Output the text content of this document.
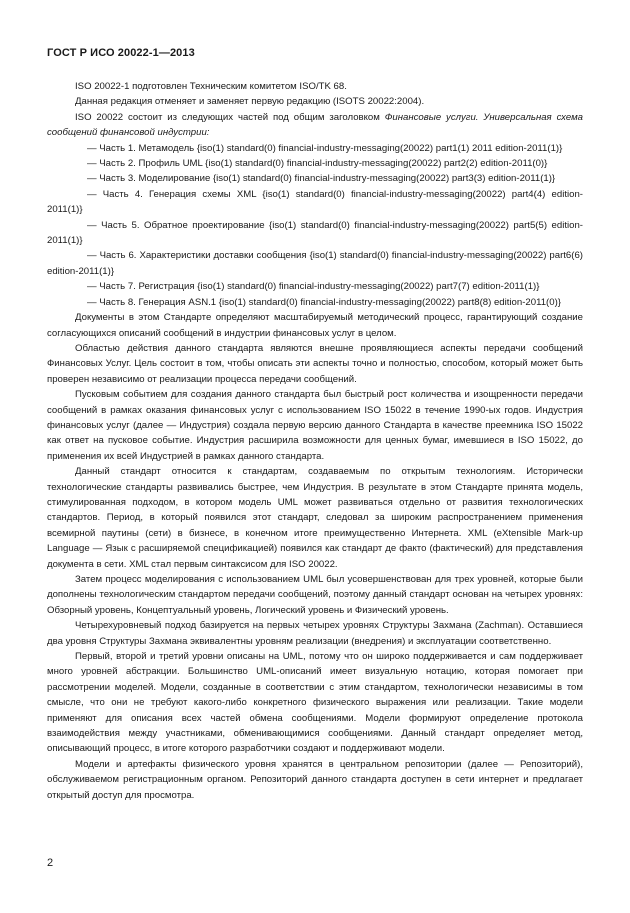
ГОСТ Р ИСО 20022-1—2013

ISO 20022-1 подготовлен Техническим комитетом ISO/TK 68.

Данная редакция отменяет и заменяет первую редакцию (ISOTS 20022:2004).

ISO 20022 состоит из следующих частей под общим заголовком Финансовые услуги. Универсальная схема сообщений финансовой индустрии:

— Часть 1. Метамодель {iso(1) standard(0) financial-industry-messaging(20022) part1(1) 2011 edition-2011(1)}

— Часть 2. Профиль UML {iso(1) standard(0) financial-industry-messaging(20022) part2(2) edition-2011(0)}

— Часть 3. Моделирование {iso(1) standard(0) financial-industry-messaging(20022) part3(3) edition-2011(1)}

— Часть 4. Генерация схемы XML {iso(1) standard(0) financial-industry-messaging(20022) part4(4) edition-2011(1)}

— Часть 5. Обратное проектирование {iso(1) standard(0) financial-industry-messaging(20022) part5(5) edition-2011(1)}

— Часть 6. Характеристики доставки сообщения {iso(1) standard(0) financial-industry-messaging(20022) part6(6) edition-2011(1)}

— Часть 7. Регистрация {iso(1) standard(0) financial-industry-messaging(20022) part7(7) edition-2011(1)}

— Часть 8. Генерация ASN.1 {iso(1) standard(0) financial-industry-messaging(20022) part8(8) edition-2011(0)}

Документы в этом Стандарте определяют масштабируемый методический процесс, гарантирующий создание согласующихся описаний сообщений в индустрии финансовых услуг в целом.

Областью действия данного стандарта являются внешне проявляющиеся аспекты передачи сообщений Финансовых Услуг. Цель состоит в том, чтобы описать эти аспекты точно и полностью, способом, который может быть проверен независимо от реализации процесса передачи сообщений.

Пусковым событием для создания данного стандарта был быстрый рост количества и изощренности передачи сообщений в рамках оказания финансовых услуг с использованием ISO 15022 в течение 1990-ых годов. Индустрия финансовых услуг (далее — Индустрия) создала первую версию данного Стандарта в качестве преемника ISO 15022 как ответ на пусковое событие. Индустрия расширила возможности для ценных бумаг, имевшиеся в ISO 15022, до применения их всей Индустрией в рамках данного стандарта.

Данный стандарт относится к стандартам, создаваемым по открытым технологиям. Исторически технологические стандарты развивались быстрее, чем Индустрия. В результате в этом Стандарте принята модель, стимулированная подходом, в котором модель UML может развиваться отдельно от развития технологических стандартов. Период, в который появился этот стандарт, следовал за широким распространением применения всемирной паутины (сети) в бизнесе, в конечном итоге преимущественно Интернета. XML (eXtensible Mark-up Language — Язык с расширяемой спецификацией) появился как стандарт де факто (фактический) для представления документа в сети. XML стал первым синтаксисом для ISO 20022.

Затем процесс моделирования с использованием UML был усовершенствован для трех уровней, которые были дополнены технологическим стандартом передачи сообщений, поэтому данный стандарт основан на четырех уровнях: Обзорный уровень, Концептуальный уровень, Логический уровень и Физический уровень.

Четырехуровневый подход базируется на первых четырех уровнях Структуры Захмана (Zachman). Оставшиеся два уровня Структуры Захмана эквивалентны уровням реализации (внедрения) и эксплуатации соответственно.

Первый, второй и третий уровни описаны на UML, потому что он широко поддерживается и сам поддерживает много уровней абстракции. Большинство UML-описаний имеет визуальную нотацию, которая помогает при рассмотрении моделей. Модели, созданные в соответствии с этим стандартом, технологически независимы в том смысле, что они не требуют какого-либо конкретного физического выражения или реализации. Такие модели применяют для описания всех частей обмена сообщениями. Модели формируют определение протокола взаимодействия между участниками, обменивающимися сообщениями. Данный стандарт определяет метод, описывающий процесс, в итоге которого разработчики создают и поддерживают модели.

Модели и артефакты физического уровня хранятся в центральном репозитории (далее — Репозиторий), обслуживаемом регистрационным органом. Репозиторий данного стандарта доступен в сети интернет и предлагает открытый доступ для просмотра.

2
